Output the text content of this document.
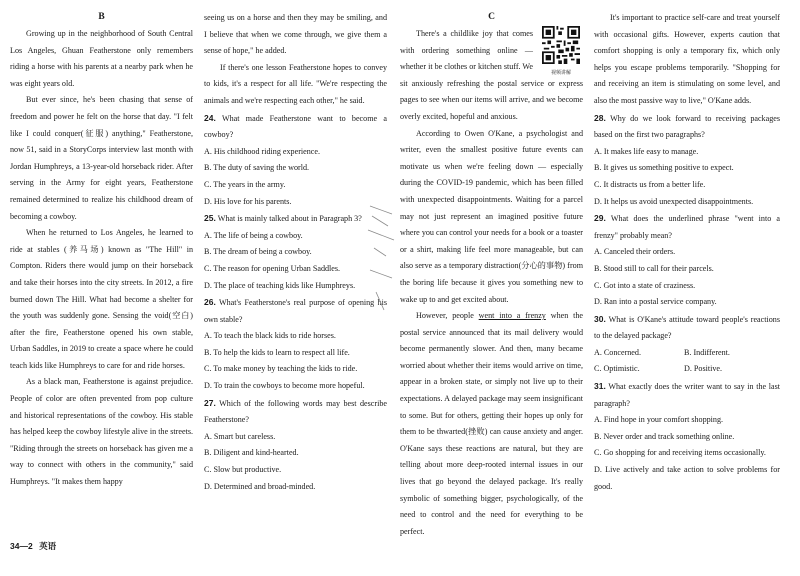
B

Growing up in the neighborhood of South Central Los Angeles, Ghuan Featherstone only remembers riding a horse with his parents at a nearby park when he was eight years old.

But ever since, he's been chasing that sense of freedom and power he felt on the horse that day. "I felt like I could conquer(征服) anything," Featherstone, now 51, said in a StoryCorps interview last month with Jordan Humphreys, a 13-year-old horseback rider. After serving in the Army for eight years, Featherstone remained determined to realize his childhood dream of becoming a cowboy.

When he returned to Los Angeles, he learned to ride at stables (养马场) known as "The Hill" in Compton. Riders there would jump on their horseback and take their horses into the city streets. In 2012, a fire burned down The Hill. What had become a shelter for the youth was suddenly gone. Sensing the void(空白) after the fire, Featherstone opened his own stable, Urban Saddles, in 2019 to create a space where he could teach kids like Humphreys to care for and ride horses.

As a black man, Featherstone is against prejudice. People of color are often prevented from pop culture and historical representations of the cowboy. His stable has helped keep the cowboy lifestyle alive in the streets. "Riding through the streets on horseback has given me a way to connect with others in the community," said Humphreys. "It makes them happy

seeing us on a horse and then they may be smiling, and I believe that when we come through, we give them a sense of hope," he added.

If there's one lesson Featherstone hopes to convey to kids, it's a respect for all life. "We're respecting the animals and we're respecting each other," he said.

24. What made Featherstone want to become a cowboy?

A. His childhood riding experience.

B. The duty of saving the world.

C. The years in the army.

D. His love for his parents.

25. What is mainly talked about in Paragraph 3?

A. The life of being a cowboy.

B. The dream of being a cowboy.

C. The reason for opening Urban Saddles.

D. The place of teaching kids like Humphreys.

26. What's Featherstone's real purpose of opening his own stable?

A. To teach the black kids to ride horses.

B. To help the kids to learn to respect all life.

C. To make money by teaching the kids to ride.

D. To train the cowboys to become more hopeful.

27. Which of the following words may best describe Featherstone?

A. Smart but careless.

B. Diligent and kind-hearted.

C. Slow but productive.

D. Determined and broad-minded.

C
视频讲解

There's a childlike joy that comes with ordering something online — whether it be clothes or kitchen stuff. We sit anxiously refreshing the postal service or express pages to see when our items will arrive, and we become overly excited, hopeful and anxious.

According to Owen O'Kane, a psychologist and writer, even the smallest positive future events can motivate us when we're feeling down — especially during the COVID-19 pandemic, which has been filled with unexpected disappointments. Waiting for a parcel may not just represent an imagined positive future where you can control your needs for a book or a toaster or a shirt, making life feel more manageable, but can also serve as a temporary distraction(分心的事物) from the boring life because it gives you something new to wake up to and get excited about.

However, people went into a frenzy when the postal service announced that its mail delivery would become permanently slower. And then, many became worried about whether their items would arrive on time, appear in a broken state, or simply not live up to their expectations. A delayed package may seem insignificant to some. But for others, getting their hopes up only for them to be thwarted(挫败) can cause anxiety and anger. O'Kane says these reactions are natural, but they are telling about more deep-rooted internal issues in our lives that go beyond the delayed package. It's really symbolic of something bigger, psychologically, of the need to control and the need for everything to be perfect.

It's important to practice self-care and treat yourself with occasional gifts. However, experts caution that comfort shopping is only a temporary fix, which only helps you escape problems temporarily. "Shopping for and receiving an item is stimulating on some level, and also the most passive way to live," O'Kane adds.

28. Why do we look forward to receiving packages based on the first two paragraphs?

A. It makes life easy to manage.

B. It gives us something positive to expect.

C. It distracts us from a better life.

D. It helps us avoid unexpected disappointments.

29. What does the underlined phrase "went into a frenzy" probably mean?

A. Canceled their orders.

B. Stood still to call for their parcels.

C. Got into a state of craziness.

D. Ran into a postal service company.

30. What is O'Kane's attitude toward people's reactions to the delayed package?

A. Concerned.	B. Indifferent.

C. Optimistic.	D. Positive.

31. What exactly does the writer want to say in the last paragraph?

A. Find hope in your comfort shopping.

B. Never order and track something online.

C. Go shopping for and receiving items occasionally.

D. Live actively and take action to solve problems for good.

34—2 英语
